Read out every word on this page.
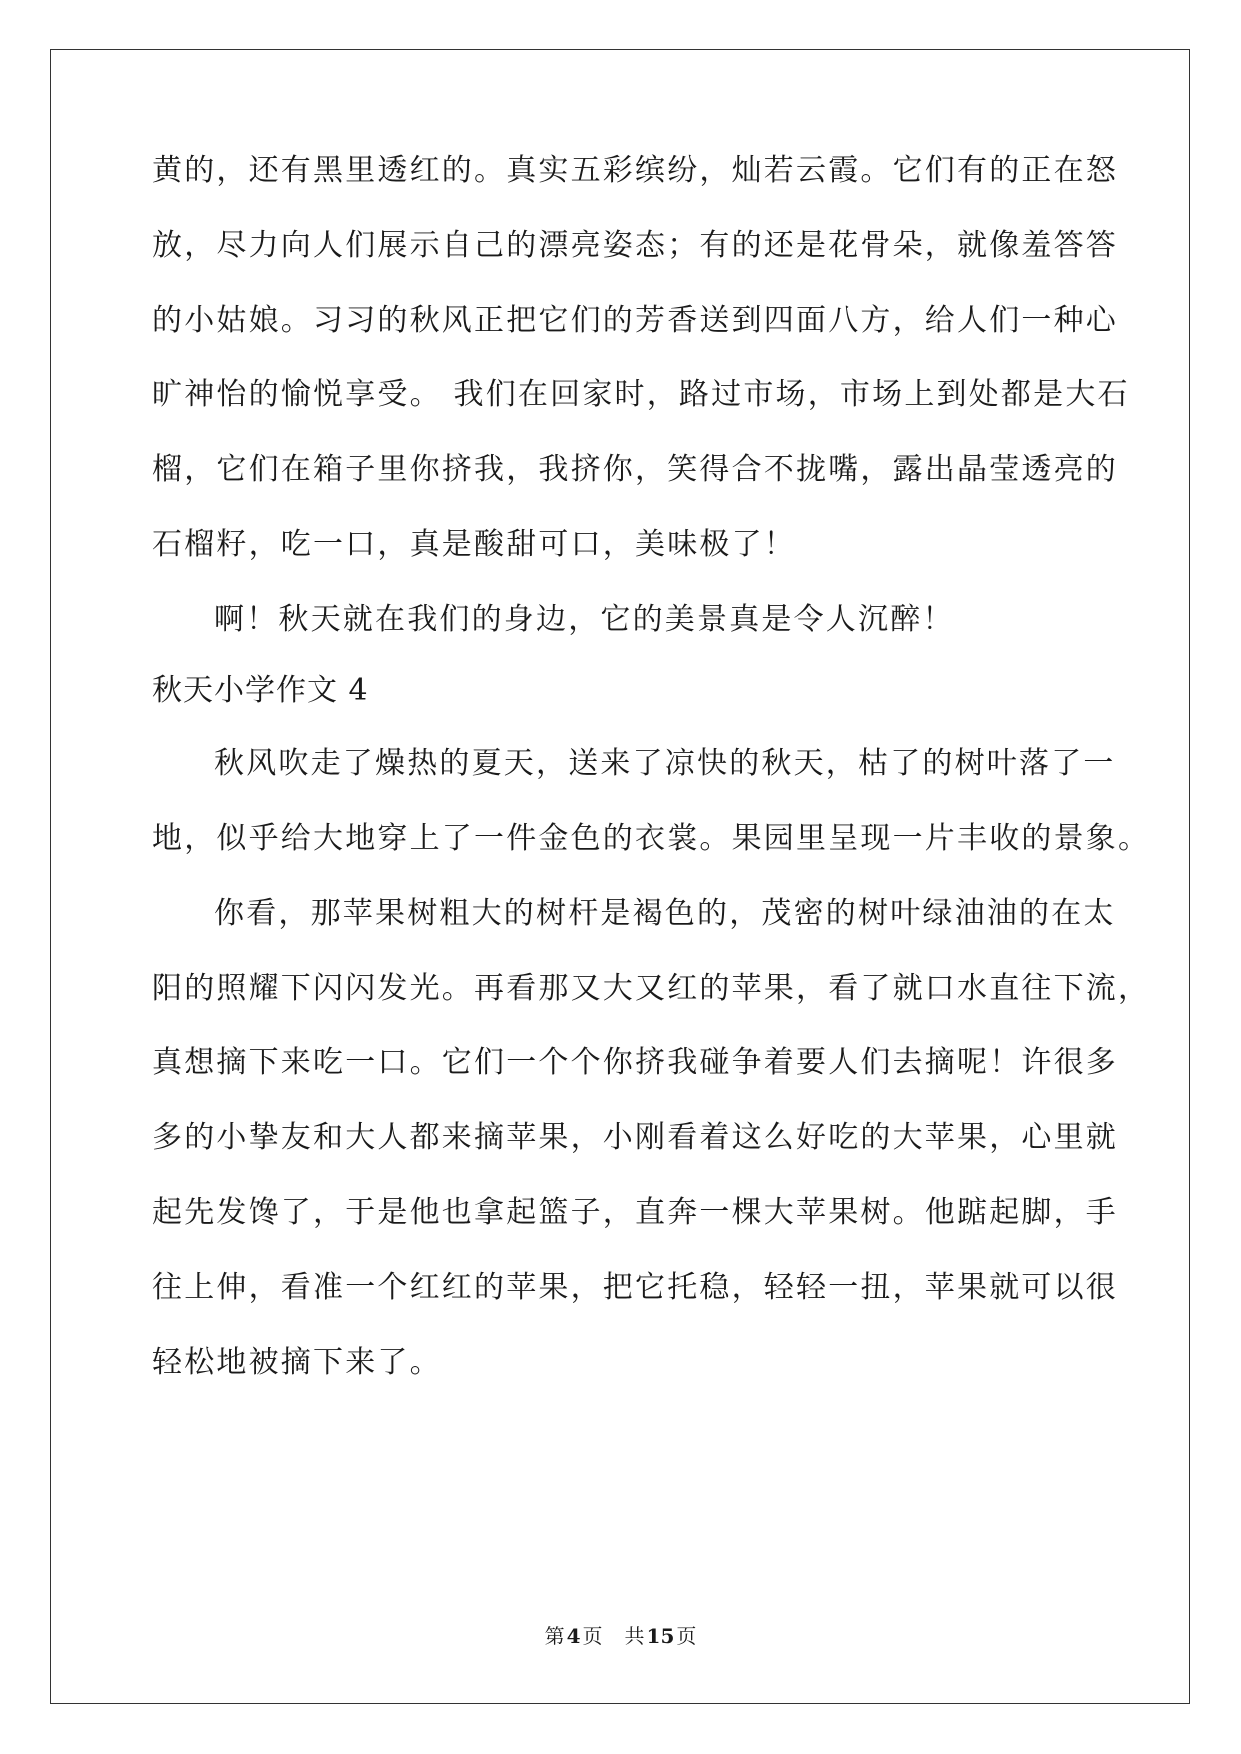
黄的，还有黑里透红的。真实五彩缤纷，灿若云霞。它们有的正在怒
放，尽力向人们展示自己的漂亮姿态；有的还是花骨朵，就像羞答答
的小姑娘。习习的秋风正把它们的芳香送到四面八方，给人们一种心
旷神怡的愉悦享受。 我们在回家时，路过市场，市场上到处都是大石
榴，它们在箱子里你挤我，我挤你，笑得合不拢嘴，露出晶莹透亮的
石榴籽，吃一口，真是酸甜可口，美味极了！
啊！秋天就在我们的身边，它的美景真是令人沉醉！
秋天小学作文 4
秋风吹走了燥热的夏天，送来了凉快的秋天，枯了的树叶落了一
地，似乎给大地穿上了一件金色的衣裳。果园里呈现一片丰收的景象。
你看，那苹果树粗大的树杆是褐色的，茂密的树叶绿油油的在太
阳的照耀下闪闪发光。再看那又大又红的苹果，看了就口水直往下流，
真想摘下来吃一口。它们一个个你挤我碰争着要人们去摘呢！许很多
多的小挚友和大人都来摘苹果，小刚看着这么好吃的大苹果，心里就
起先发馋了，于是他也拿起篮子，直奔一棵大苹果树。他踮起脚，手
往上伸，看准一个红红的苹果，把它托稳，轻轻一扭，苹果就可以很
轻松地被摘下来了。
第 4 页 共 15 页
